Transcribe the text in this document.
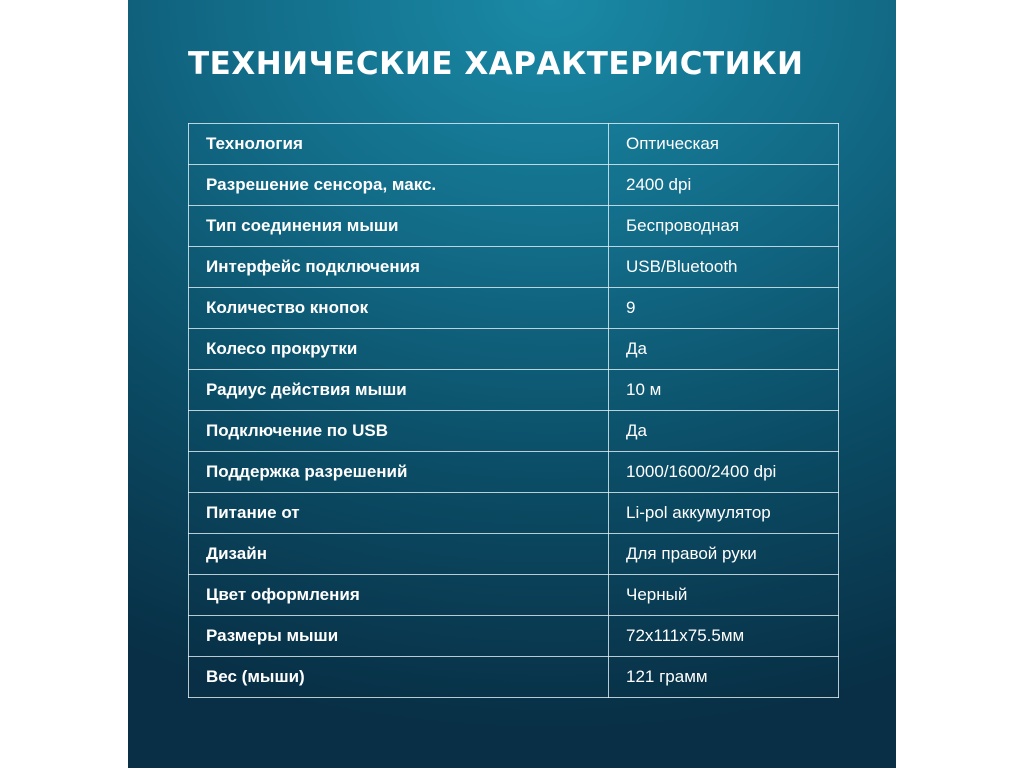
ТЕХНИЧЕСКИЕ ХАРАКТЕРИСТИКИ
Технология	Оптическая
Разрешение сенсора, макс.	2400 dpi
Тип соединения мыши	Беспроводная
Интерфейс подключения	USB/Bluetooth
Количество кнопок	9
Колесо прокрутки	Да
Радиус действия мыши	10 м
Подключение по USB	Да
Поддержка разрешений	1000/1600/2400 dpi
Питание от	Li-pol аккумулятор
Дизайн	Для правой руки
Цвет оформления	Черный
Размеры мыши	72x111x75.5мм
Вес (мыши)	121 грамм
